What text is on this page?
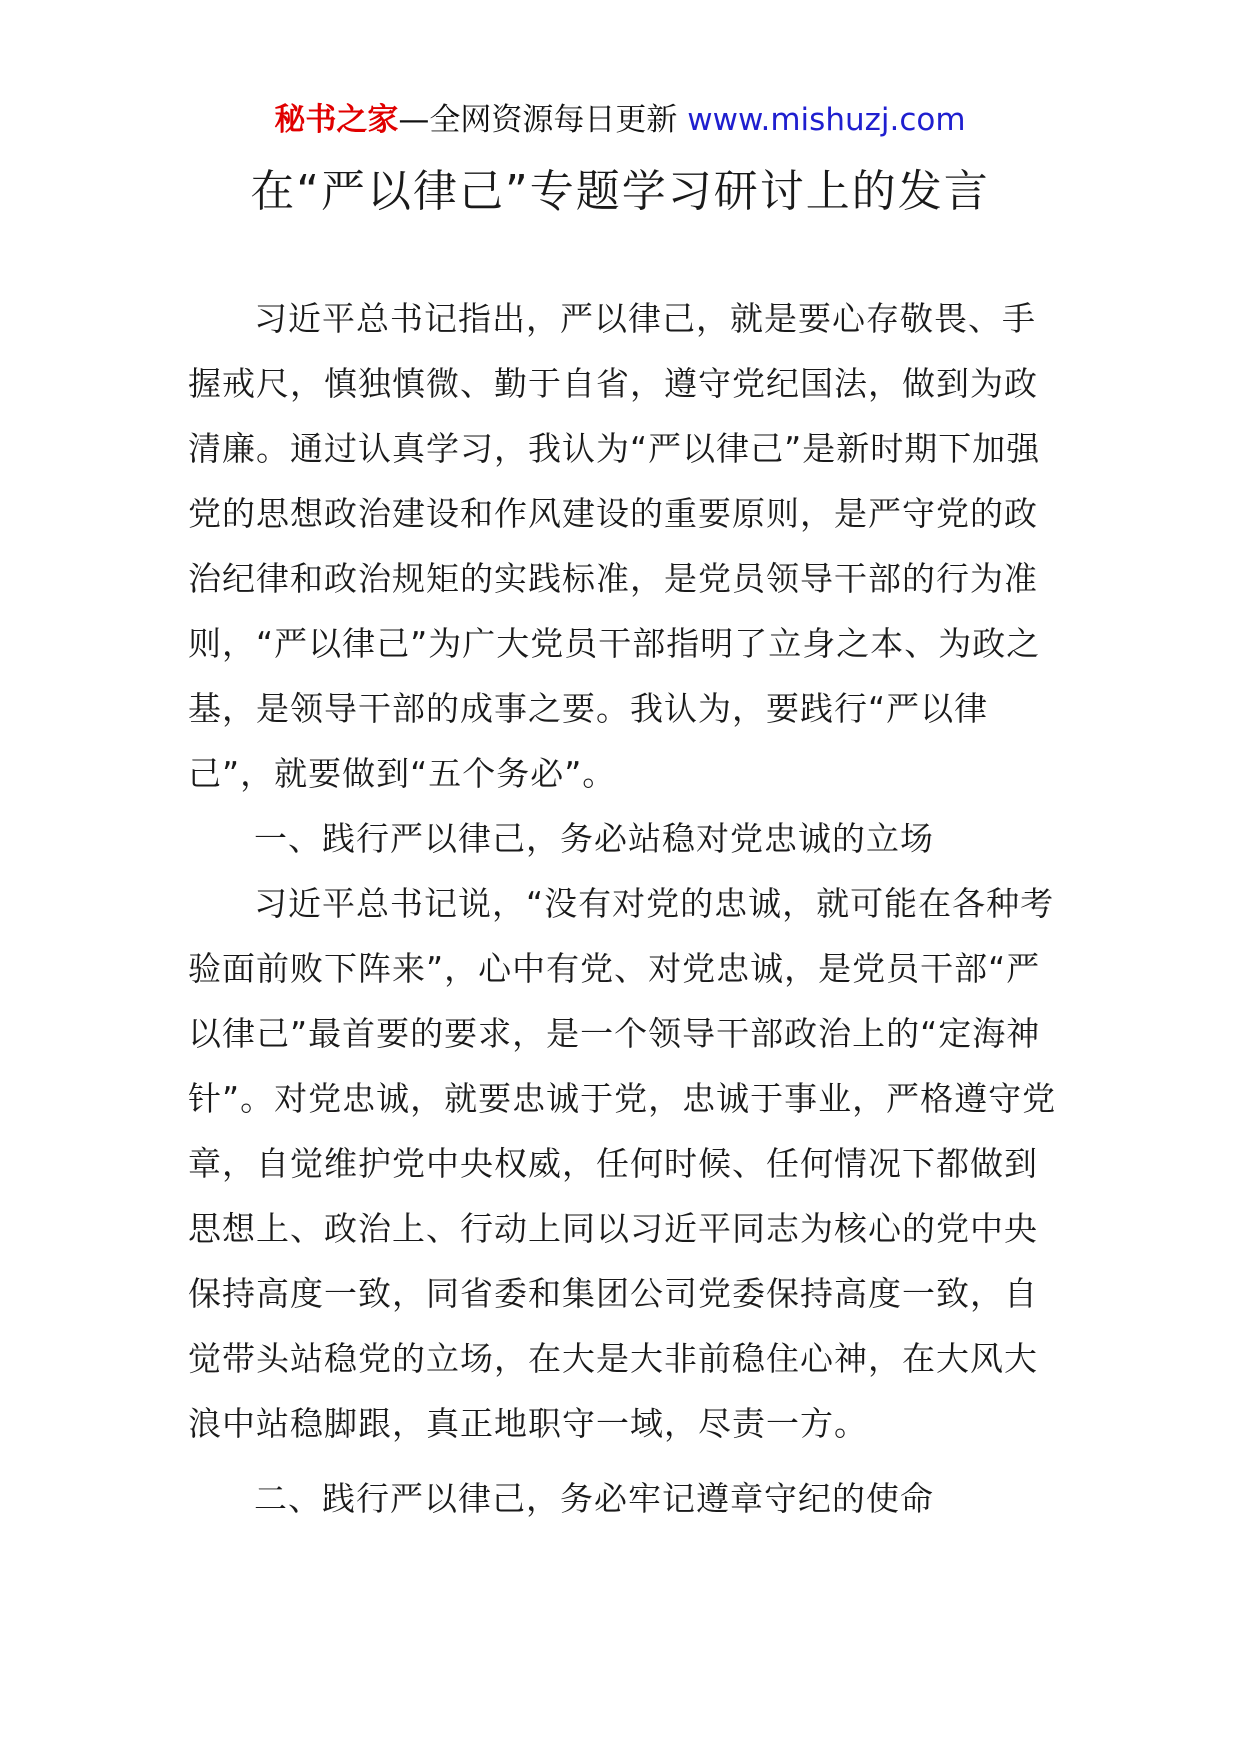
秘书之家—全网资源每日更新 www.mishuzj.com
在“严以律己”专题学习研讨上的发言

习近平总书记指出，严以律己，就是要心存敬畏、手握戒尺，慎独慎微、勤于自省，遵守党纪国法，做到为政清廉。通过认真学习，我认为“严以律己”是新时期下加强党的思想政治建设和作风建设的重要原则，是严守党的政治纪律和政治规矩的实践标准，是党员领导干部的行为准则，“严以律己”为广大党员干部指明了立身之本、为政之基，是领导干部的成事之要。我认为，要践行“严以律己”，就要做到“五个务必”。

一、践行严以律己，务必站稳对党忠诚的立场

习近平总书记说，“没有对党的忠诚，就可能在各种考验面前败下阵来”，心中有党、对党忠诚，是党员干部“严以律己”最首要的要求，是一个领导干部政治上的“定海神针”。对党忠诚，就要忠诚于党，忠诚于事业，严格遵守党章，自觉维护党中央权威，任何时候、任何情况下都做到思想上、政治上、行动上同以习近平同志为核心的党中央保持高度一致，同省委和集团公司党委保持高度一致，自觉带头站稳党的立场，在大是大非前稳住心神，在大风大浪中站稳脚跟，真正地职守一域，尽责一方。

二、践行严以律己，务必牢记遵章守纪的使命
